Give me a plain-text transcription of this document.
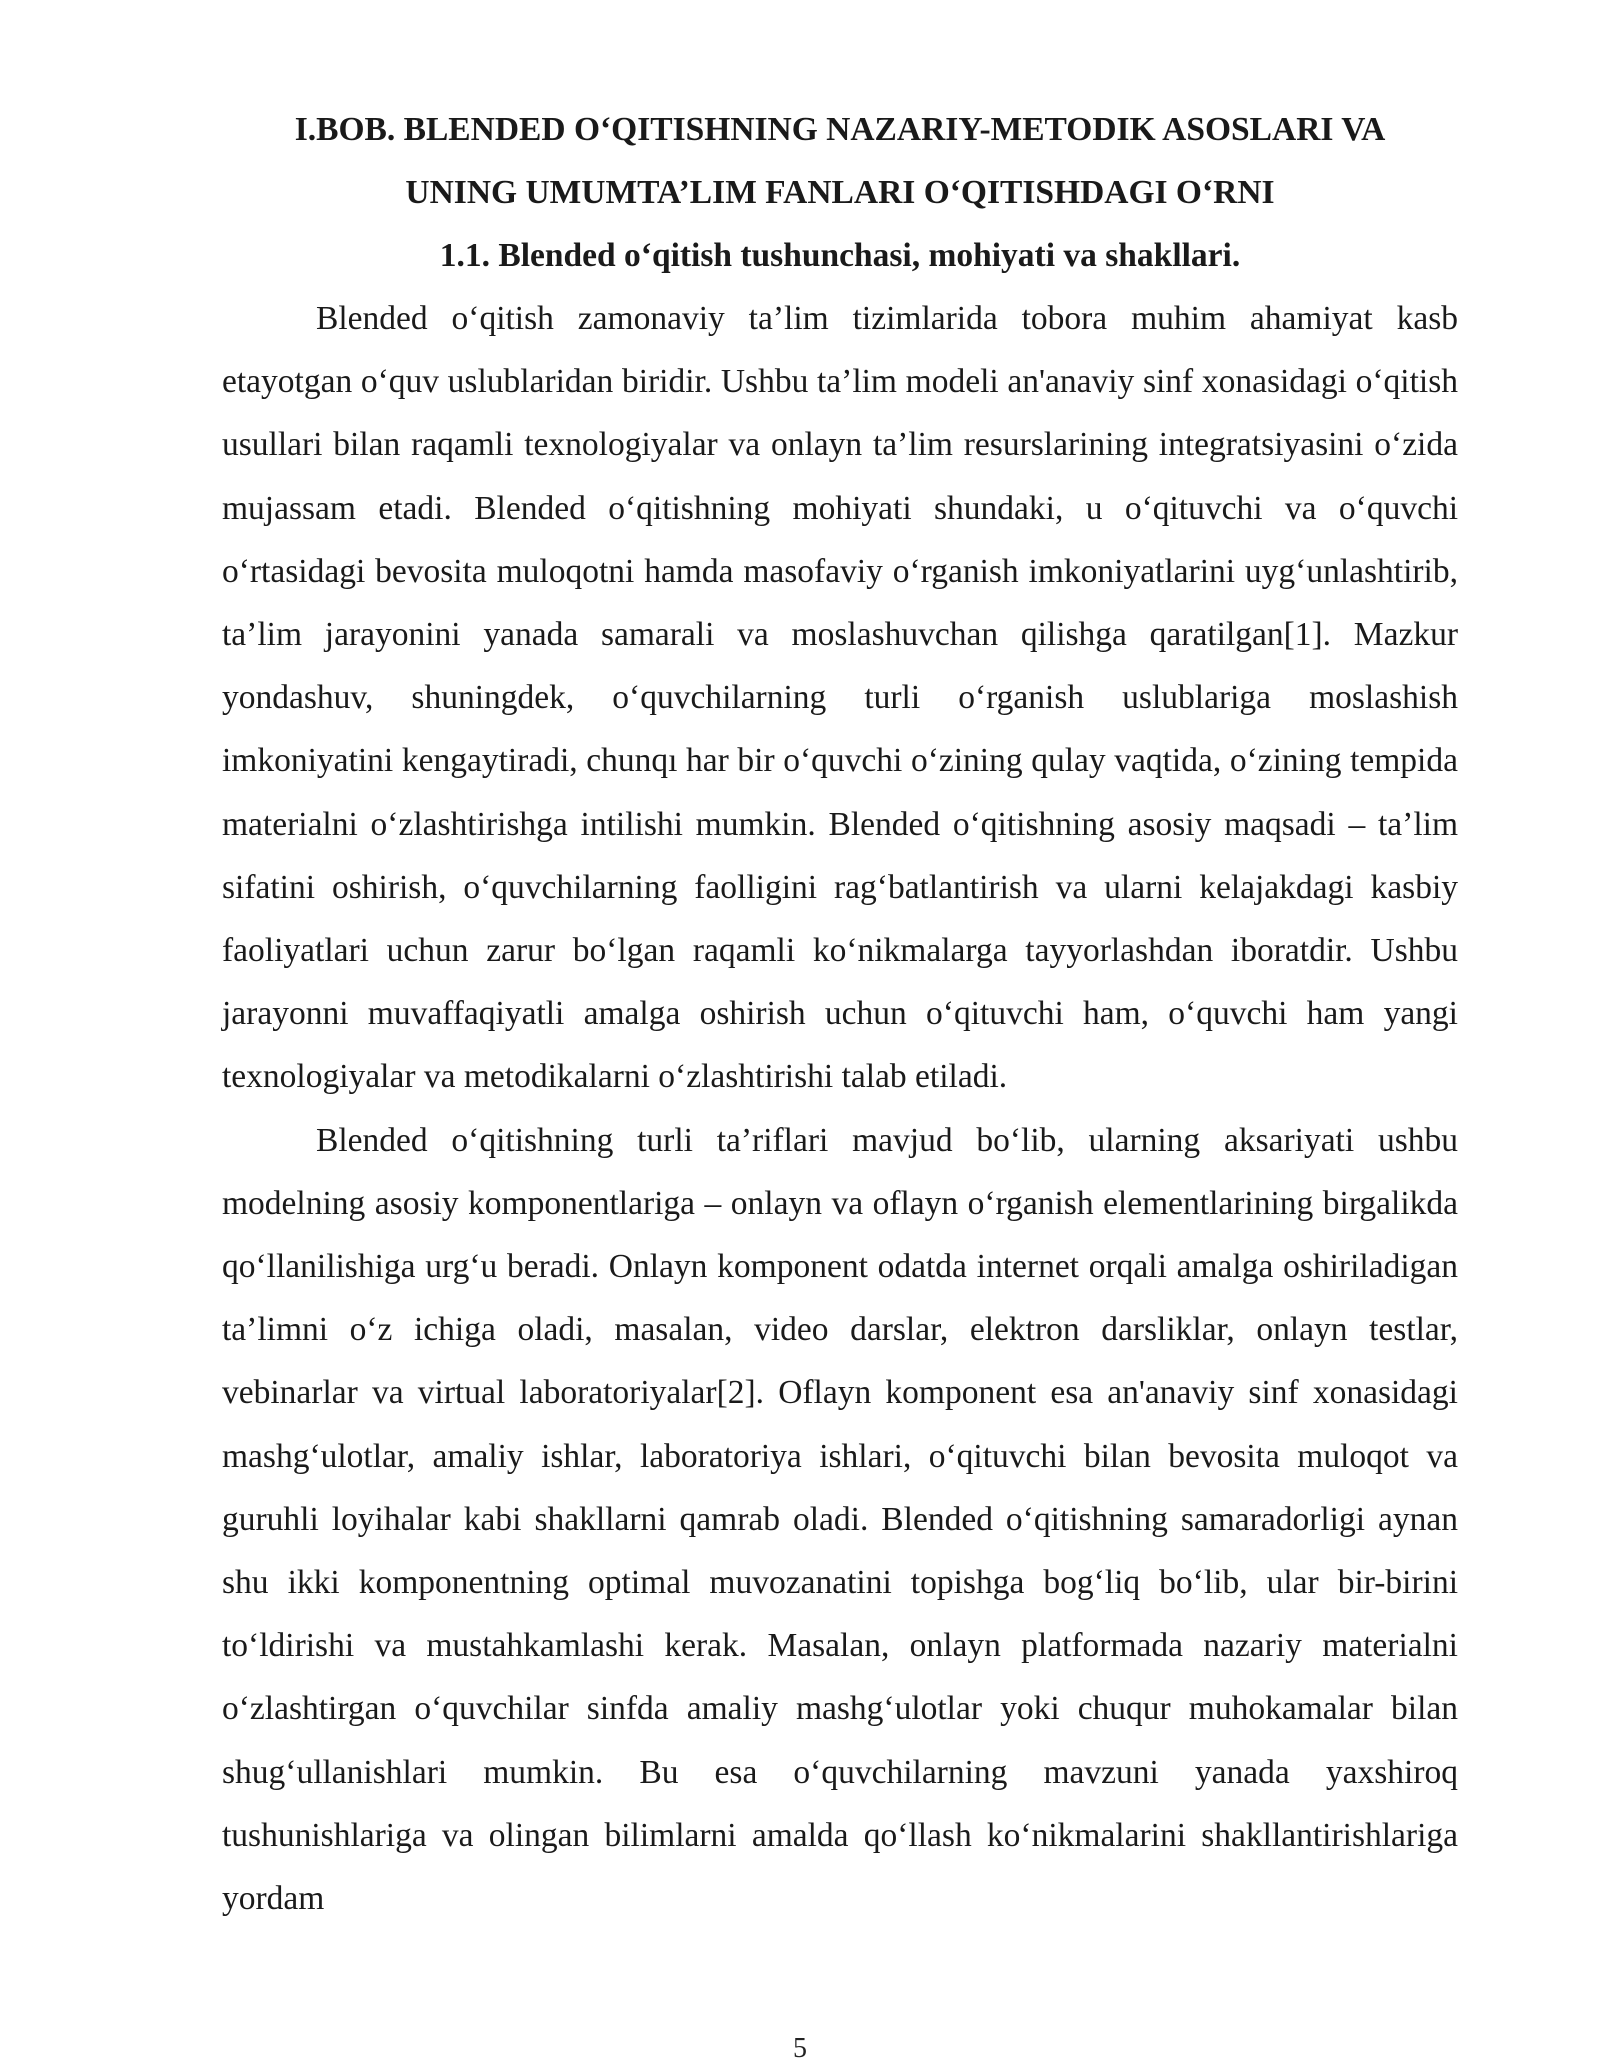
I.BOB. BLENDED O‘QITISHNING NAZARIY-METODIK ASOSLARI VA
UNING UMUMTA’LIM FANLARI O‘QITISHDAGI O‘RNI
1.1. Blended o‘qitish tushunchasi, mohiyati va shakllari.

Blended o‘qitish zamonaviy ta’lim tizimlarida tobora muhim ahamiyat kasb etayotgan o‘quv uslublaridan biridir. Ushbu ta’lim modeli an'anaviy sinf xonasidagi o‘qitish usullari bilan raqamli texnologiyalar va onlayn ta’lim resurslarining integratsiyasini o‘zida mujassam etadi. Blended o‘qitishning mohiyati shundaki, u o‘qituvchi va o‘quvchi o‘rtasidagi bevosita muloqotni hamda masofaviy o‘rganish imkoniyatlarini uyg‘unlashtirib, ta’lim jarayonini yanada samarali va moslashuvchan qilishga qaratilgan[1]. Mazkur yondashuv, shuningdek, o‘quvchilarning turli o‘rganish uslublariga moslashish imkoniyatini kengaytiradi, chunqı har bir o‘quvchi o‘zining qulay vaqtida, o‘zining tempida materialni o‘zlashtirishga intilishi mumkin. Blended o‘qitishning asosiy maqsadi – ta’lim sifatini oshirish, o‘quvchilarning faolligini rag‘batlantirish va ularni kelajakdagi kasbiy faoliyatlari uchun zarur bo‘lgan raqamli ko‘nikmalarga tayyorlashdan iboratdir. Ushbu jarayonni muvaffaqiyatli amalga oshirish uchun o‘qituvchi ham, o‘quvchi ham yangi texnologiyalar va metodikalarni o‘zlashtirishi talab etiladi.

Blended o‘qitishning turli ta’riflari mavjud bo‘lib, ularning aksariyati ushbu modelning asosiy komponentlariga – onlayn va oflayn o‘rganish elementlarining birgalikda qo‘llanilishiga urg‘u beradi. Onlayn komponent odatda internet orqali amalga oshiriladigan ta’limni o‘z ichiga oladi, masalan, video darslar, elektron darsliklar, onlayn testlar, vebinarlar va virtual laboratoriyalar[2]. Oflayn komponent esa an'anaviy sinf xonasidagi mashg‘ulotlar, amaliy ishlar, laboratoriya ishlari, o‘qituvchi bilan bevosita muloqot va guruhli loyihalar kabi shakllarni qamrab oladi. Blended o‘qitishning samaradorligi aynan shu ikki komponentning optimal muvozanatini topishga bog‘liq bo‘lib, ular bir-birini to‘ldirishi va mustahkamlashi kerak. Masalan, onlayn platformada nazariy materialni o‘zlashtirgan o‘quvchilar sinfda amaliy mashg‘ulotlar yoki chuqur muhokamalar bilan shug‘ullanishlari mumkin. Bu esa o‘quvchilarning mavzuni yanada yaxshiroq tushunishlariga va olingan bilimlarni amalda qo‘llash ko‘nikmalarini shakllantirishlariga yordam

5
